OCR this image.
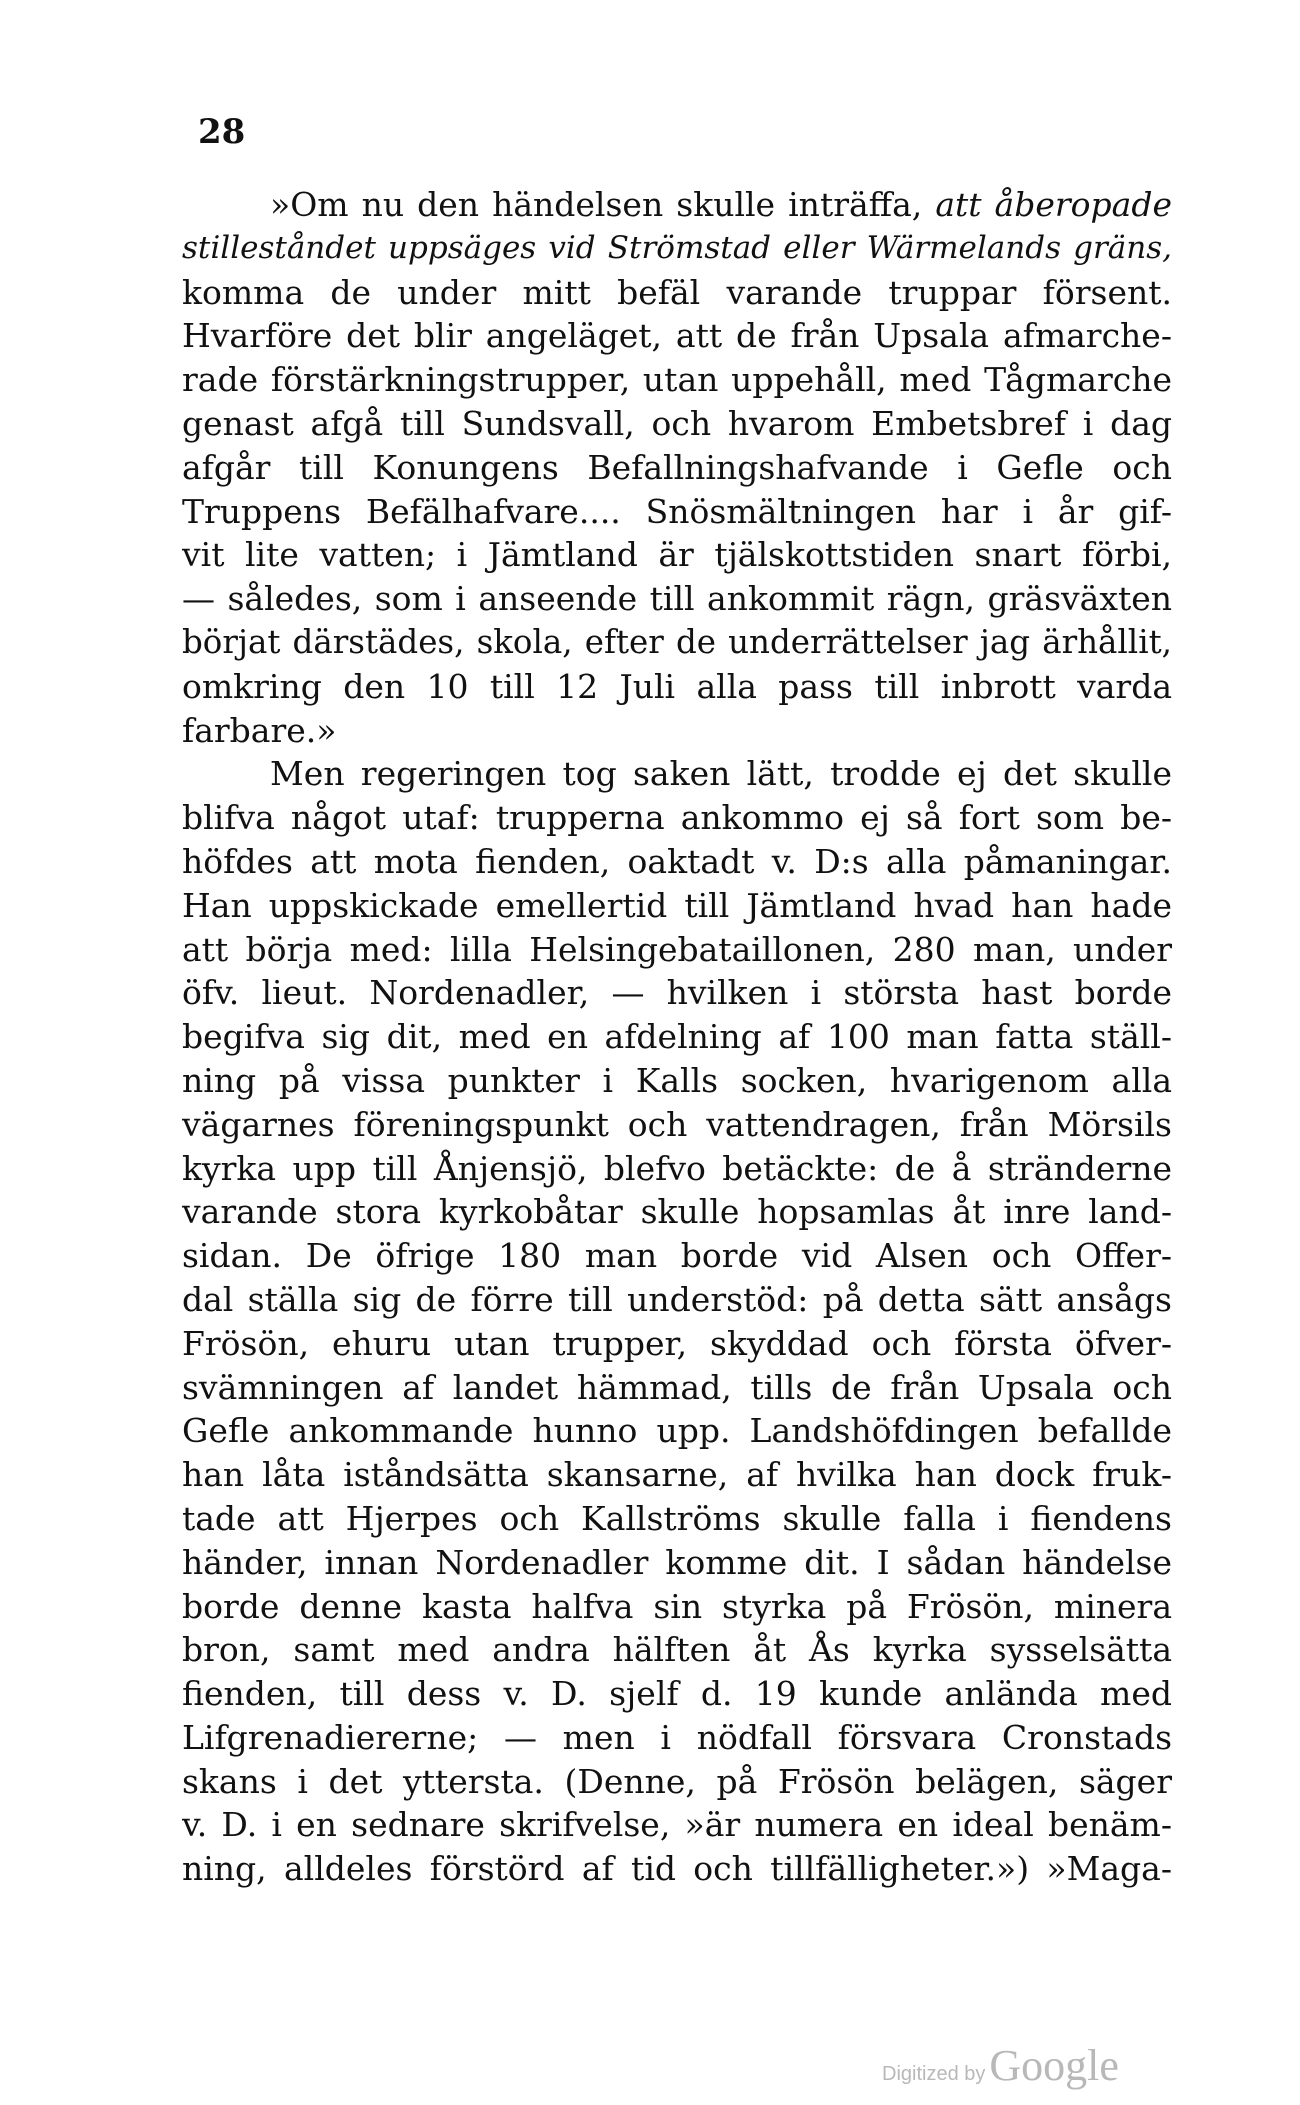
28
»Om nu den händelsen skulle inträffa, att åberopade
stilleståndet uppsäges vid Strömstad eller Wärmelands gräns,
komma de under mitt befäl varande truppar försent.
Hvarföre det blir angeläget, att de från Upsala afmarche-
rade förstärkningstrupper, utan uppehåll, med Tågmarche
genast afgå till Sundsvall, och hvarom Embetsbref i dag
afgår till Konungens Befallningshafvande i Gefle och
Truppens Befälhafvare.... Snösmältningen har i år gif-
vit lite vatten; i Jämtland är tjälskottstiden snart förbi,
— således, som i anseende till ankommit rägn, gräsväxten
börjat därstädes, skola, efter de underrättelser jag ärhållit,
omkring den 10 till 12 Juli alla pass till inbrott varda
farbare.»
Men regeringen tog saken lätt, trodde ej det skulle
blifva något utaf: trupperna ankommo ej så fort som be-
höfdes att mota fienden, oaktadt v. D:s alla påmaningar.
Han uppskickade emellertid till Jämtland hvad han hade
att börja med: lilla Helsingebataillonen, 280 man, under
öfv. lieut. Nordenadler, — hvilken i största hast borde
begifva sig dit, med en afdelning af 100 man fatta ställ-
ning på vissa punkter i Kalls socken, hvarigenom alla
vägarnes föreningspunkt och vattendragen, från Mörsils
kyrka upp till Ånjensjö, blefvo betäckte: de å stränderne
varande stora kyrkobåtar skulle hopsamlas åt inre land-
sidan. De öfrige 180 man borde vid Alsen och Offer-
dal ställa sig de förre till understöd: på detta sätt ansågs
Frösön, ehuru utan trupper, skyddad och första öfver-
svämningen af landet hämmad, tills de från Upsala och
Gefle ankommande hunno upp. Landshöfdingen befallde
han låta iståndsätta skansarne, af hvilka han dock fruk-
tade att Hjerpes och Kallströms skulle falla i fiendens
händer, innan Nordenadler komme dit. I sådan händelse
borde denne kasta halfva sin styrka på Frösön, minera
bron, samt med andra hälften åt Ås kyrka sysselsätta
fienden, till dess v. D. sjelf d. 19 kunde anlända med
Lifgrenadiererne; — men i nödfall försvara Cronstads
skans i det yttersta. (Denne, på Frösön belägen, säger
v. D. i en sednare skrifvelse, »är numera en ideal benäm-
ning, alldeles förstörd af tid och tillfälligheter.») »Maga-
Digitized by Google
